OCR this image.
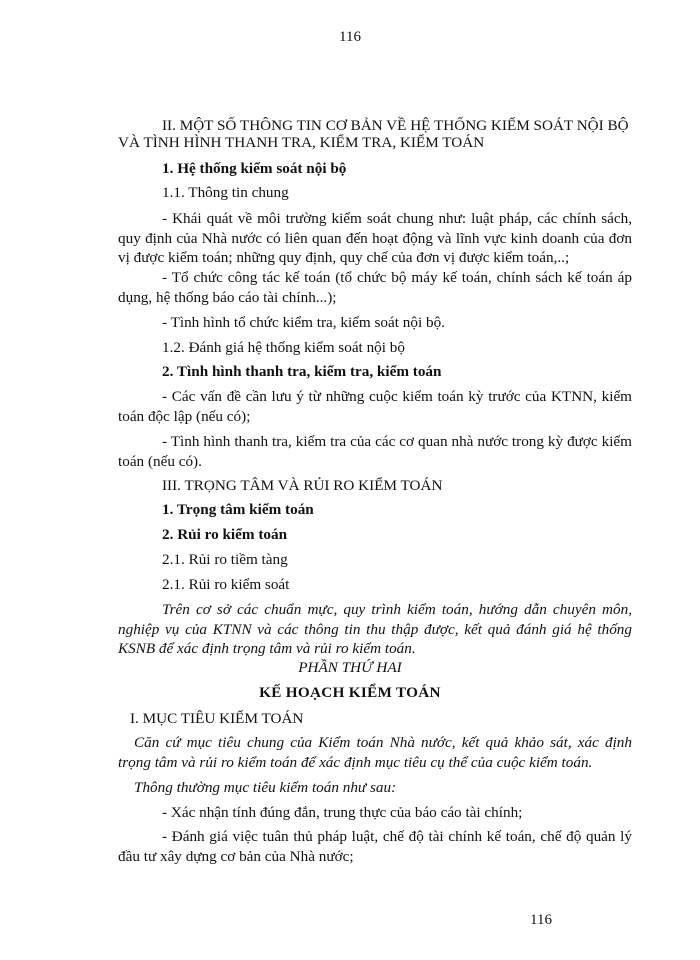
116

II. MỘT SỐ THÔNG TIN CƠ BẢN VỀ HỆ THỐNG KIỂM SOÁT NỘI BỘ

VÀ TÌNH HÌNH THANH TRA, KIỂM TRA, KIỂM TOÁN

1. Hệ thống kiểm soát nội bộ

1.1. Thông tin chung

- Khái quát về môi trường kiểm soát chung như: luật pháp, các chính sách, quy định của Nhà nước có liên quan đến hoạt động và lĩnh vực kinh doanh của đơn vị được kiểm toán; những quy định, quy chế của đơn vị được kiểm toán,..;

- Tổ chức công tác kế toán (tổ chức bộ máy kế toán, chính sách kế toán áp dụng, hệ thống báo cáo tài chính...);

- Tình hình tổ chức kiểm tra, kiểm soát nội bộ.

1.2. Đánh giá hệ thống kiểm soát nội bộ

2. Tình hình thanh tra, kiểm tra, kiểm toán

- Các vấn đề cần lưu ý từ những cuộc kiểm toán kỳ trước của KTNN, kiểm toán độc lập (nếu có);

- Tình hình thanh tra, kiểm tra của các cơ quan nhà nước trong kỳ được kiểm toán (nếu có).

III. TRỌNG TÂM VÀ RỦI RO KIỂM TOÁN

1. Trọng tâm kiểm toán

2. Rủi ro kiểm toán

2.1. Rủi ro tiềm tàng

2.1. Rủi ro kiểm soát

Trên cơ sở các chuẩn mực, quy trình kiểm toán, hướng dẫn chuyên môn, nghiệp vụ của KTNN và các thông tin thu thập được, kết quả đánh giá hệ thống KSNB để xác định trọng tâm và rủi ro kiểm toán.

PHẦN THỨ HAI

KẾ HOẠCH KIỂM TOÁN

I. MỤC TIÊU KIỂM TOÁN

Căn cứ mục tiêu chung của Kiểm toán Nhà nước, kết quả khảo sát, xác định trọng tâm và rủi ro kiểm toán để xác định mục tiêu cụ thể của cuộc kiểm toán.

Thông thường mục tiêu kiểm toán như sau:

- Xác nhận tính đúng đắn, trung thực của báo cáo tài chính;

- Đánh giá việc tuân thủ pháp luật, chế độ tài chính kế toán, chế độ quản lý đầu tư xây dựng cơ bản của Nhà nước;

116
